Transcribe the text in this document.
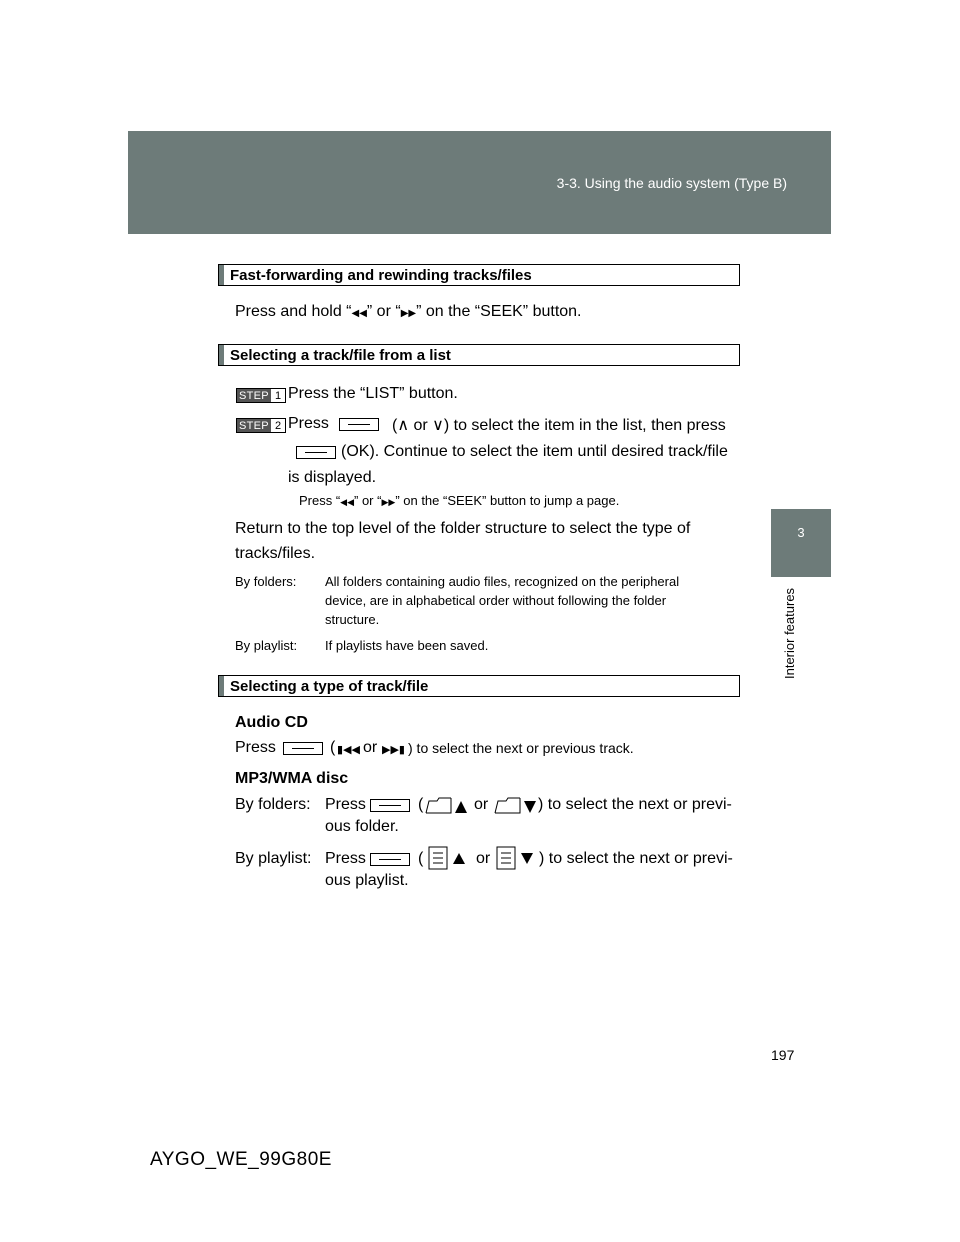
3-3. Using the audio system (Type B)
3
Interior features
Fast-forwarding and rewinding tracks/files
Press and hold “◀◀” or “▶▶” on the “SEEK” button.
Selecting a track/file from a list
STEP 1 Press the “LIST” button.
STEP 2 Press	(∧ or ∨) to select the item in the list, then press
(OK). Continue to select the item until desired track/file
is displayed.
Press “◀◀” or “▶▶” on the “SEEK” button to jump a page.
Return to the top level of the folder structure to select the type of
tracks/files.
By folders: All folders containing audio files, recognized on the peripheral
device, are in alphabetical order without following the folder
structure.
By playlist: If playlists have been saved.
Selecting a type of track/file
Audio CD
Press	( ▮◀◀ or ▶▶▮ ) to select the next or previous track.
MP3/WMA disc
By folders: Press	(	or	) to select the next or previ-
ous folder.
By playlist: Press	(	or	) to select the next or previ-
ous playlist.
197
AYGO_WE_99G80E
